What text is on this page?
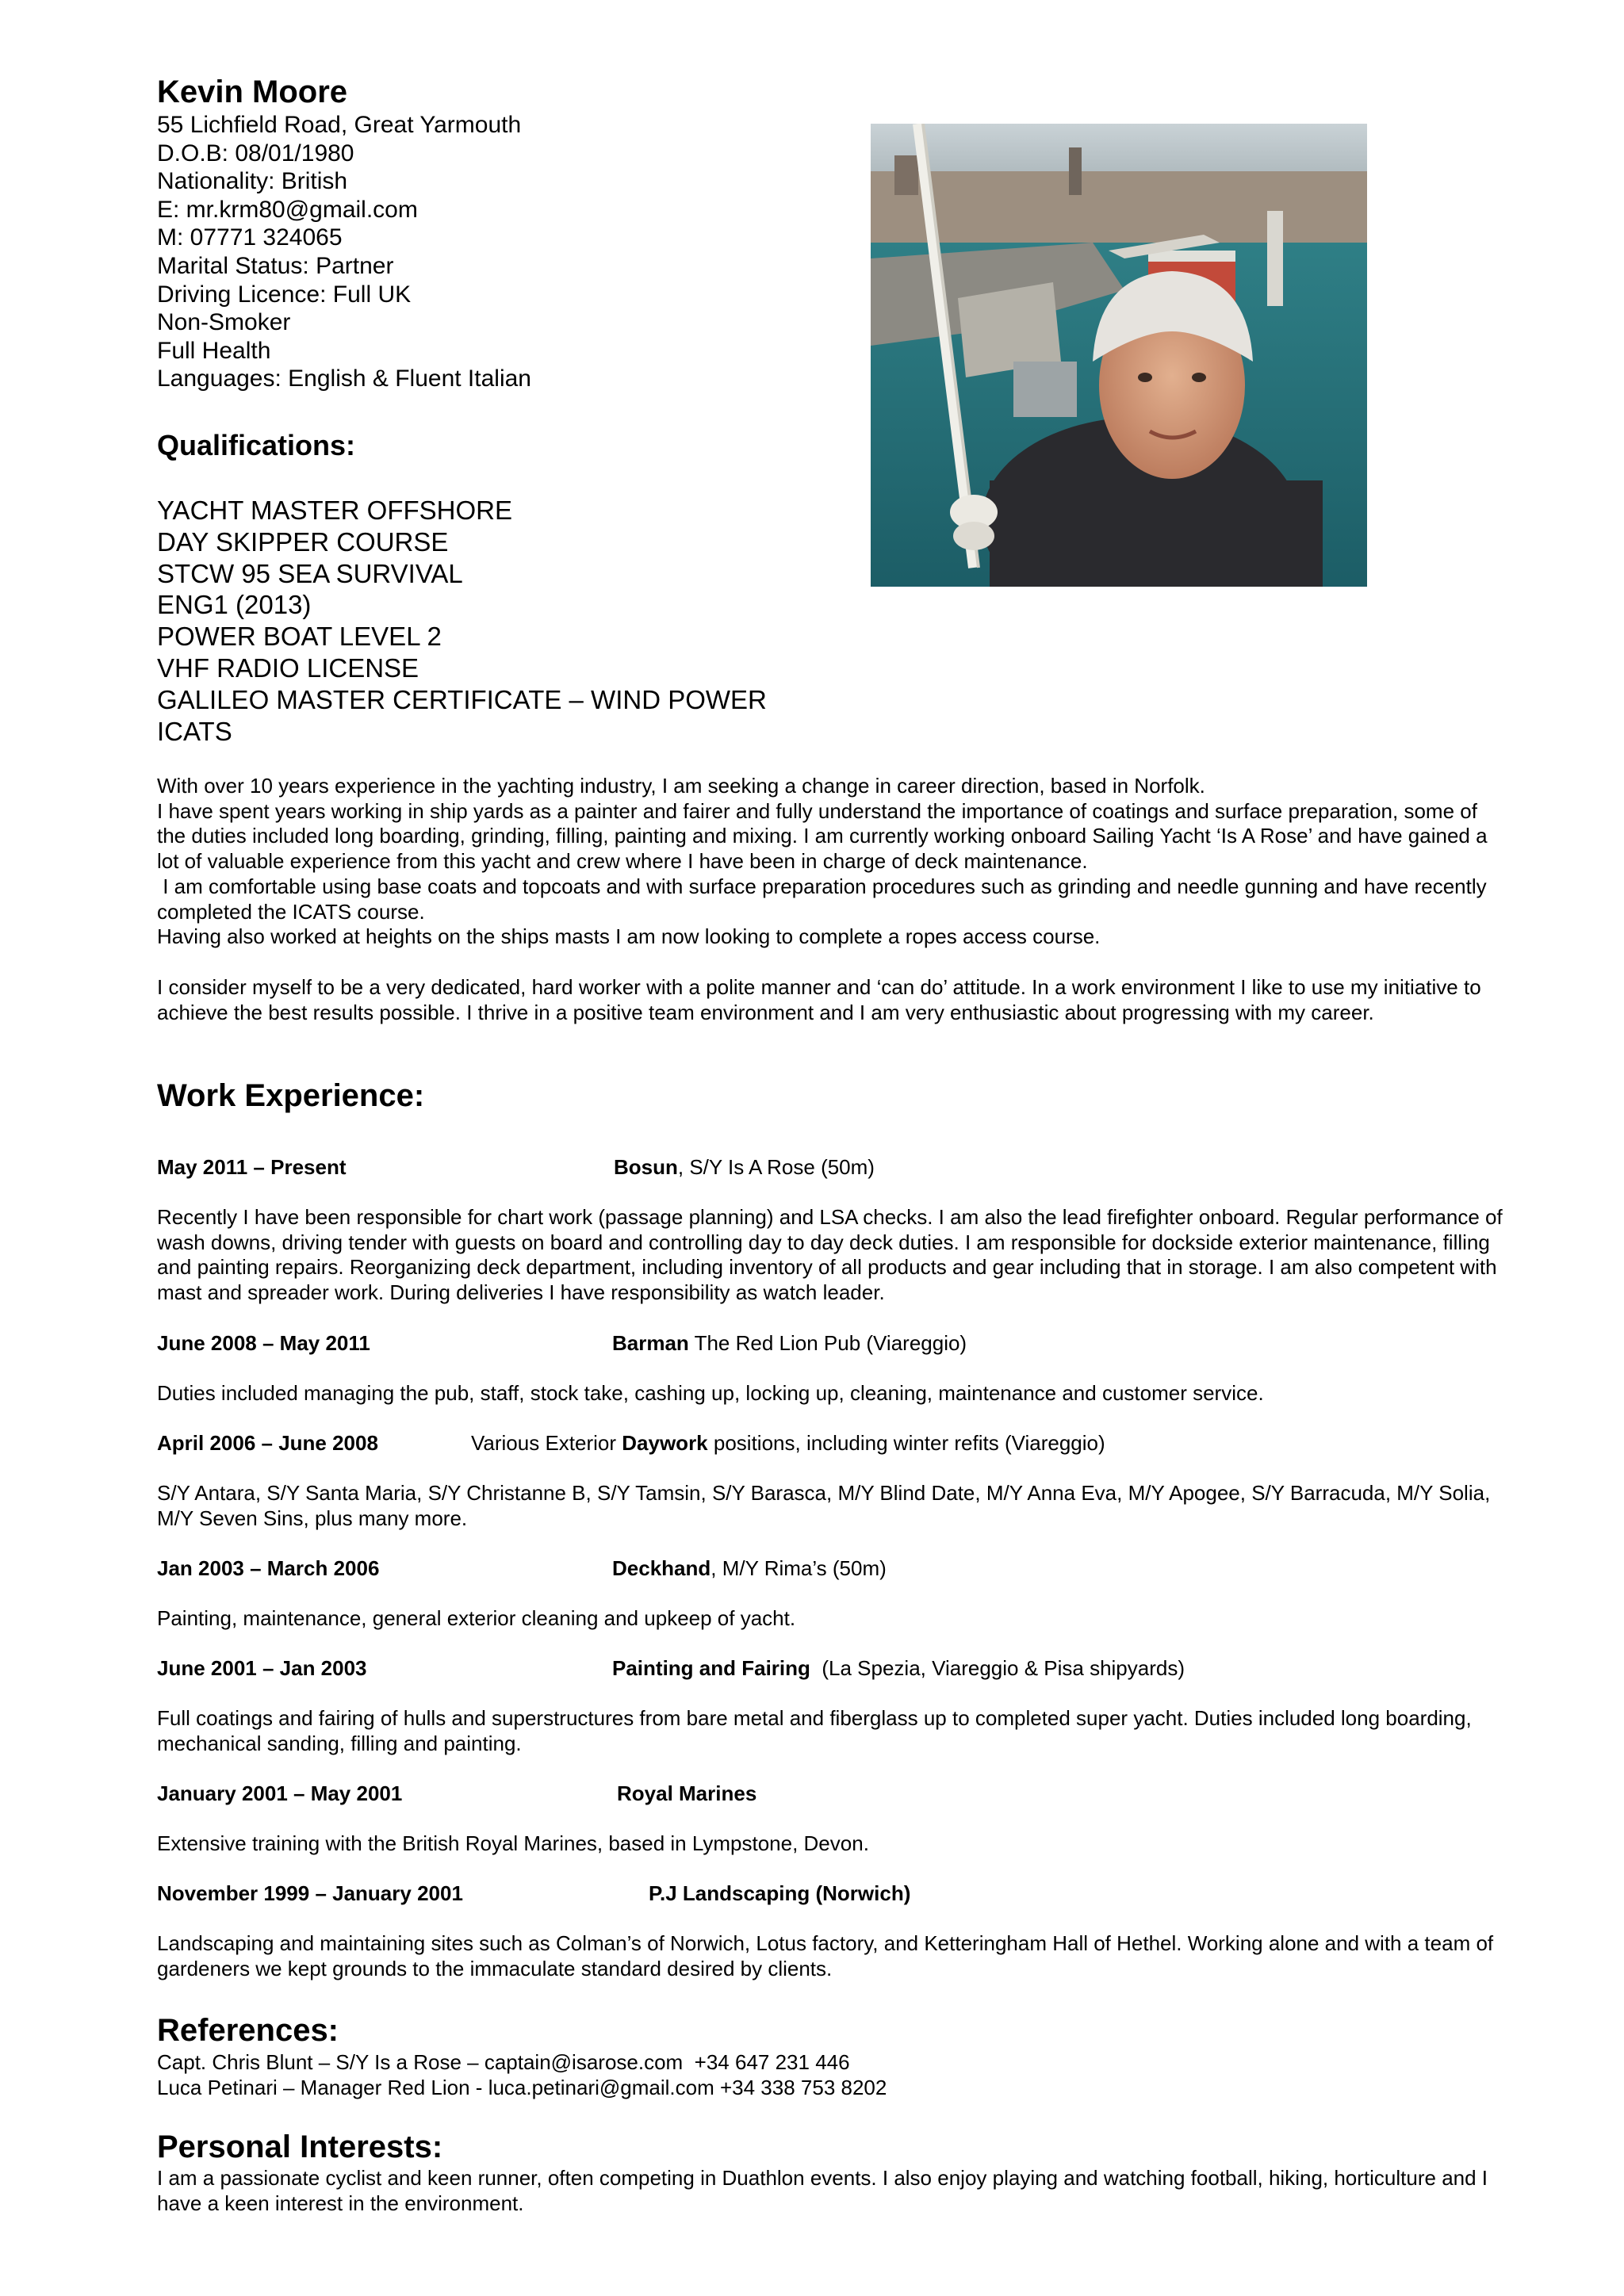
Kevin Moore
55 Lichfield Road, Great Yarmouth
D.O.B: 08/01/1980
Nationality: British
E: mr.krm80@gmail.com
M: 07771 324065
Marital Status: Partner
Driving Licence: Full UK
Non-Smoker
Full Health
Languages: English & Fluent Italian
Qualifications:
YACHT MASTER OFFSHORE
DAY SKIPPER COURSE
STCW 95 SEA SURVIVAL
ENG1 (2013)
POWER BOAT LEVEL 2
VHF RADIO LICENSE
GALILEO MASTER CERTIFICATE – WIND POWER
ICATS

With over 10 years experience in the yachting industry, I am seeking a change in career direction, based in Norfolk.

I have spent years working in ship yards as a painter and fairer and fully understand the importance of coatings and surface preparation, some of the duties included long boarding, grinding, filling, painting and mixing. I am currently working onboard Sailing Yacht ‘Is A Rose’ and have gained a lot of valuable experience from this yacht and crew where I have been in charge of deck maintenance.

I am comfortable using base coats and topcoats and with surface preparation procedures such as grinding and needle gunning and have recently completed the ICATS course.

Having also worked at heights on the ships masts I am now looking to complete a ropes access course.

I consider myself to be a very dedicated, hard worker with a polite manner and ‘can do’ attitude. In a work environment I like to use my initiative to achieve the best results possible. I thrive in a positive team environment and I am very enthusiastic about progressing with my career.

Work Experience:
May 2011 – Present	Bosun, S/Y Is A Rose (50m)
Recently I have been responsible for chart work (passage planning) and LSA checks. I am also the lead firefighter onboard. Regular performance of wash downs, driving tender with guests on board and controlling day to day deck duties. I am responsible for dockside exterior maintenance, filling and painting repairs. Reorganizing deck department, including inventory of all products and gear including that in storage. I am also competent with mast and spreader work. During deliveries I have responsibility as watch leader.
June 2008 – May 2011	Barman The Red Lion Pub (Viareggio)
Duties included managing the pub, staff, stock take, cashing up, locking up, cleaning, maintenance and customer service.
April 2006 – June 2008	Various Exterior Daywork positions, including winter refits (Viareggio)
S/Y Antara, S/Y Santa Maria, S/Y Christanne B, S/Y Tamsin, S/Y Barasca, M/Y Blind Date, M/Y Anna Eva, M/Y Apogee, S/Y Barracuda, M/Y Solia, M/Y Seven Sins, plus many more.
Jan 2003 – March 2006	Deckhand, M/Y Rima’s (50m)
Painting, maintenance, general exterior cleaning and upkeep of yacht.
June 2001 – Jan 2003	Painting and Fairing  (La Spezia, Viareggio & Pisa shipyards)
Full coatings and fairing of hulls and superstructures from bare metal and fiberglass up to completed super yacht. Duties included long boarding, mechanical sanding, filling and painting.
January 2001 – May 2001	Royal Marines
Extensive training with the British Royal Marines, based in Lympstone, Devon.
November 1999 – January 2001	P.J Landscaping (Norwich)
Landscaping and maintaining sites such as Colman’s of Norwich, Lotus factory, and Ketteringham Hall of Hethel. Working alone and with a team of gardeners we kept grounds to the immaculate standard desired by clients.
References:
Capt. Chris Blunt – S/Y Is a Rose – captain@isarose.com  +34 647 231 446
Luca Petinari – Manager Red Lion - luca.petinari@gmail.com +34 338 753 8202
Personal Interests:

I am a passionate cyclist and keen runner, often competing in Duathlon events. I also enjoy playing and watching football, hiking, horticulture and I have a keen interest in the environment.
